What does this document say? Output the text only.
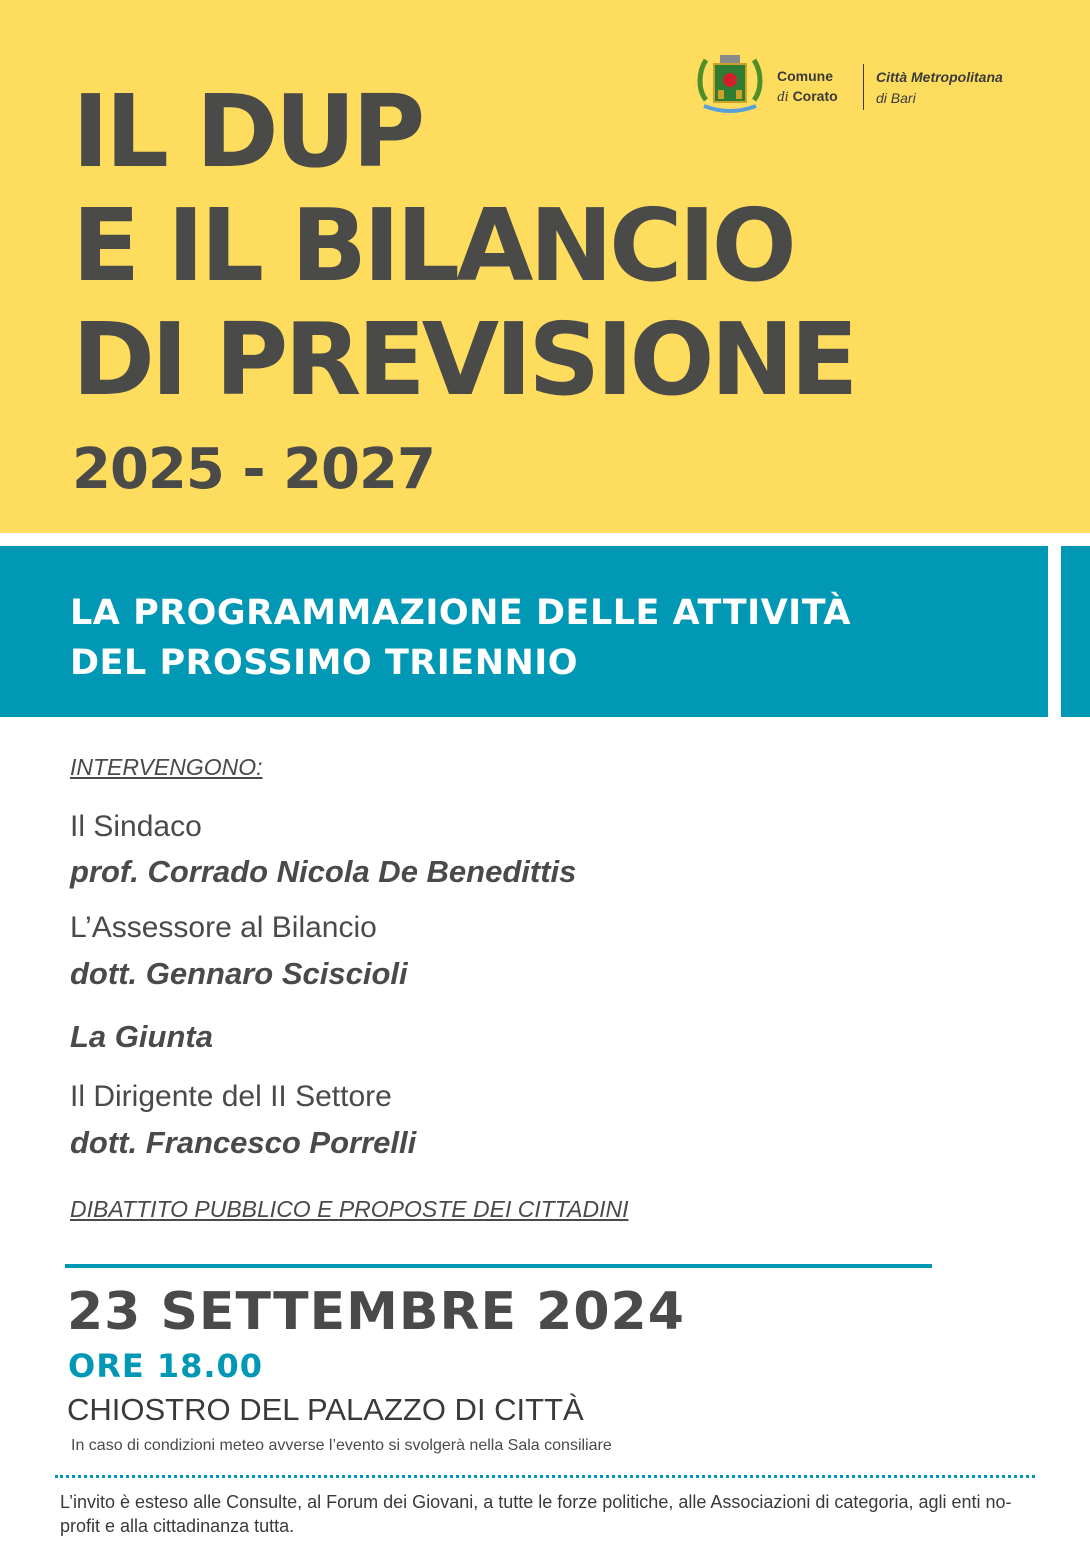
IL DUP
E IL BILANCIO
DI PREVISIONE
2025 - 2027
Comune
di Corato
Città Metropolitana
di Bari
LA PROGRAMMAZIONE DELLE ATTIVITÀ
DEL PROSSIMO TRIENNIO
INTERVENGONO:
Il Sindaco
prof. Corrado Nicola De Benedittis
L’Assessore al Bilancio
dott. Gennaro Sciscioli
La Giunta
Il Dirigente del II Settore
dott. Francesco Porrelli
DIBATTITO PUBBLICO E PROPOSTE DEI CITTADINI
23 SETTEMBRE 2024
ORE 18.00
CHIOSTRO DEL PALAZZO DI CITTÀ
In caso di condizioni meteo avverse l’evento si svolgerà nella Sala consiliare

L’invito è esteso alle Consulte, al Forum dei Giovani, a tutte le forze politiche, alle Associazioni di categoria, agli enti no-profit e alla cittadinanza tutta.
